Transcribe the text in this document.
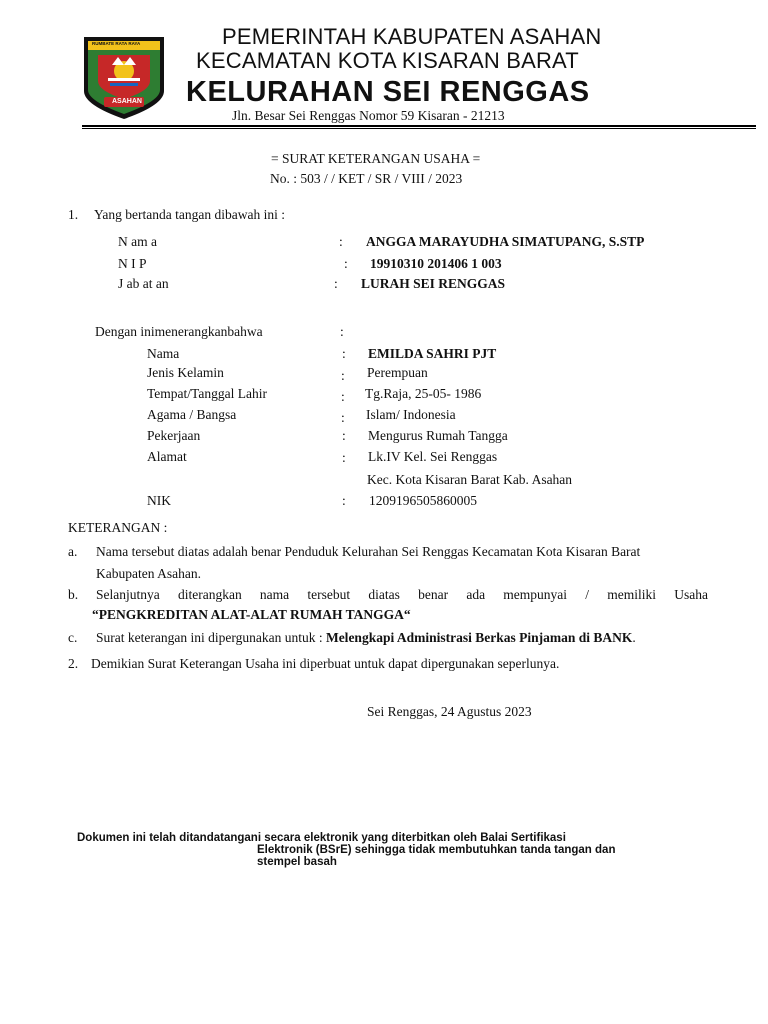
RUMBATE RATA RAYA
ASAHAN
PEMERINTAH KABUPATEN ASAHAN
KECAMATAN KOTA KISARAN BARAT
KELURAHAN SEI RENGGAS
Jln. Besar Sei Renggas Nomor 59 Kisaran - 21213
= SURAT KETERANGAN USAHA =
No. : 503 / / KET / SR / VIII / 2023
1. Yang bertanda tangan dibawah ini :
N am a	: ANGGA MARAYUDHA SIMATUPANG, S.STP
N I P	: 19910310 201406 1 003
J ab at an	: LURAH SEI RENGGAS
Dengan inimenerangkanbahwa	:
Nama	: EMILDA SAHRI PJT
Jenis Kelamin	: Perempuan
Tempat/Tanggal Lahir	: Tg.Raja, 25-05- 1986
Agama / Bangsa	: Islam/ Indonesia
Pekerjaan	: Mengurus Rumah Tangga
Alamat	: Lk.IV Kel. Sei Renggas
Kec. Kota Kisaran Barat Kab. Asahan
NIK	: 1209196505860005
KETERANGAN :
a. Nama tersebut diatas adalah benar Penduduk Kelurahan Sei Renggas Kecamatan Kota Kisaran Barat
Kabupaten Asahan.
b. Selanjutnya diterangkan nama tersebut diatas benar ada mempunyai / memiliki Usaha
“PENGKREDITAN ALAT-ALAT RUMAH TANGGA“
c. Surat keterangan ini dipergunakan untuk : Melengkapi Administrasi Berkas Pinjaman di BANK.
2. Demikian Surat Keterangan Usaha ini diperbuat untuk dapat dipergunakan seperlunya.
Sei Renggas, 24 Agustus 2023
Dokumen ini telah ditandatangani secara elektronik yang diterbitkan oleh Balai Sertifikasi
Elektronik (BSrE) sehingga tidak membutuhkan tanda tangan dan
stempel basah
